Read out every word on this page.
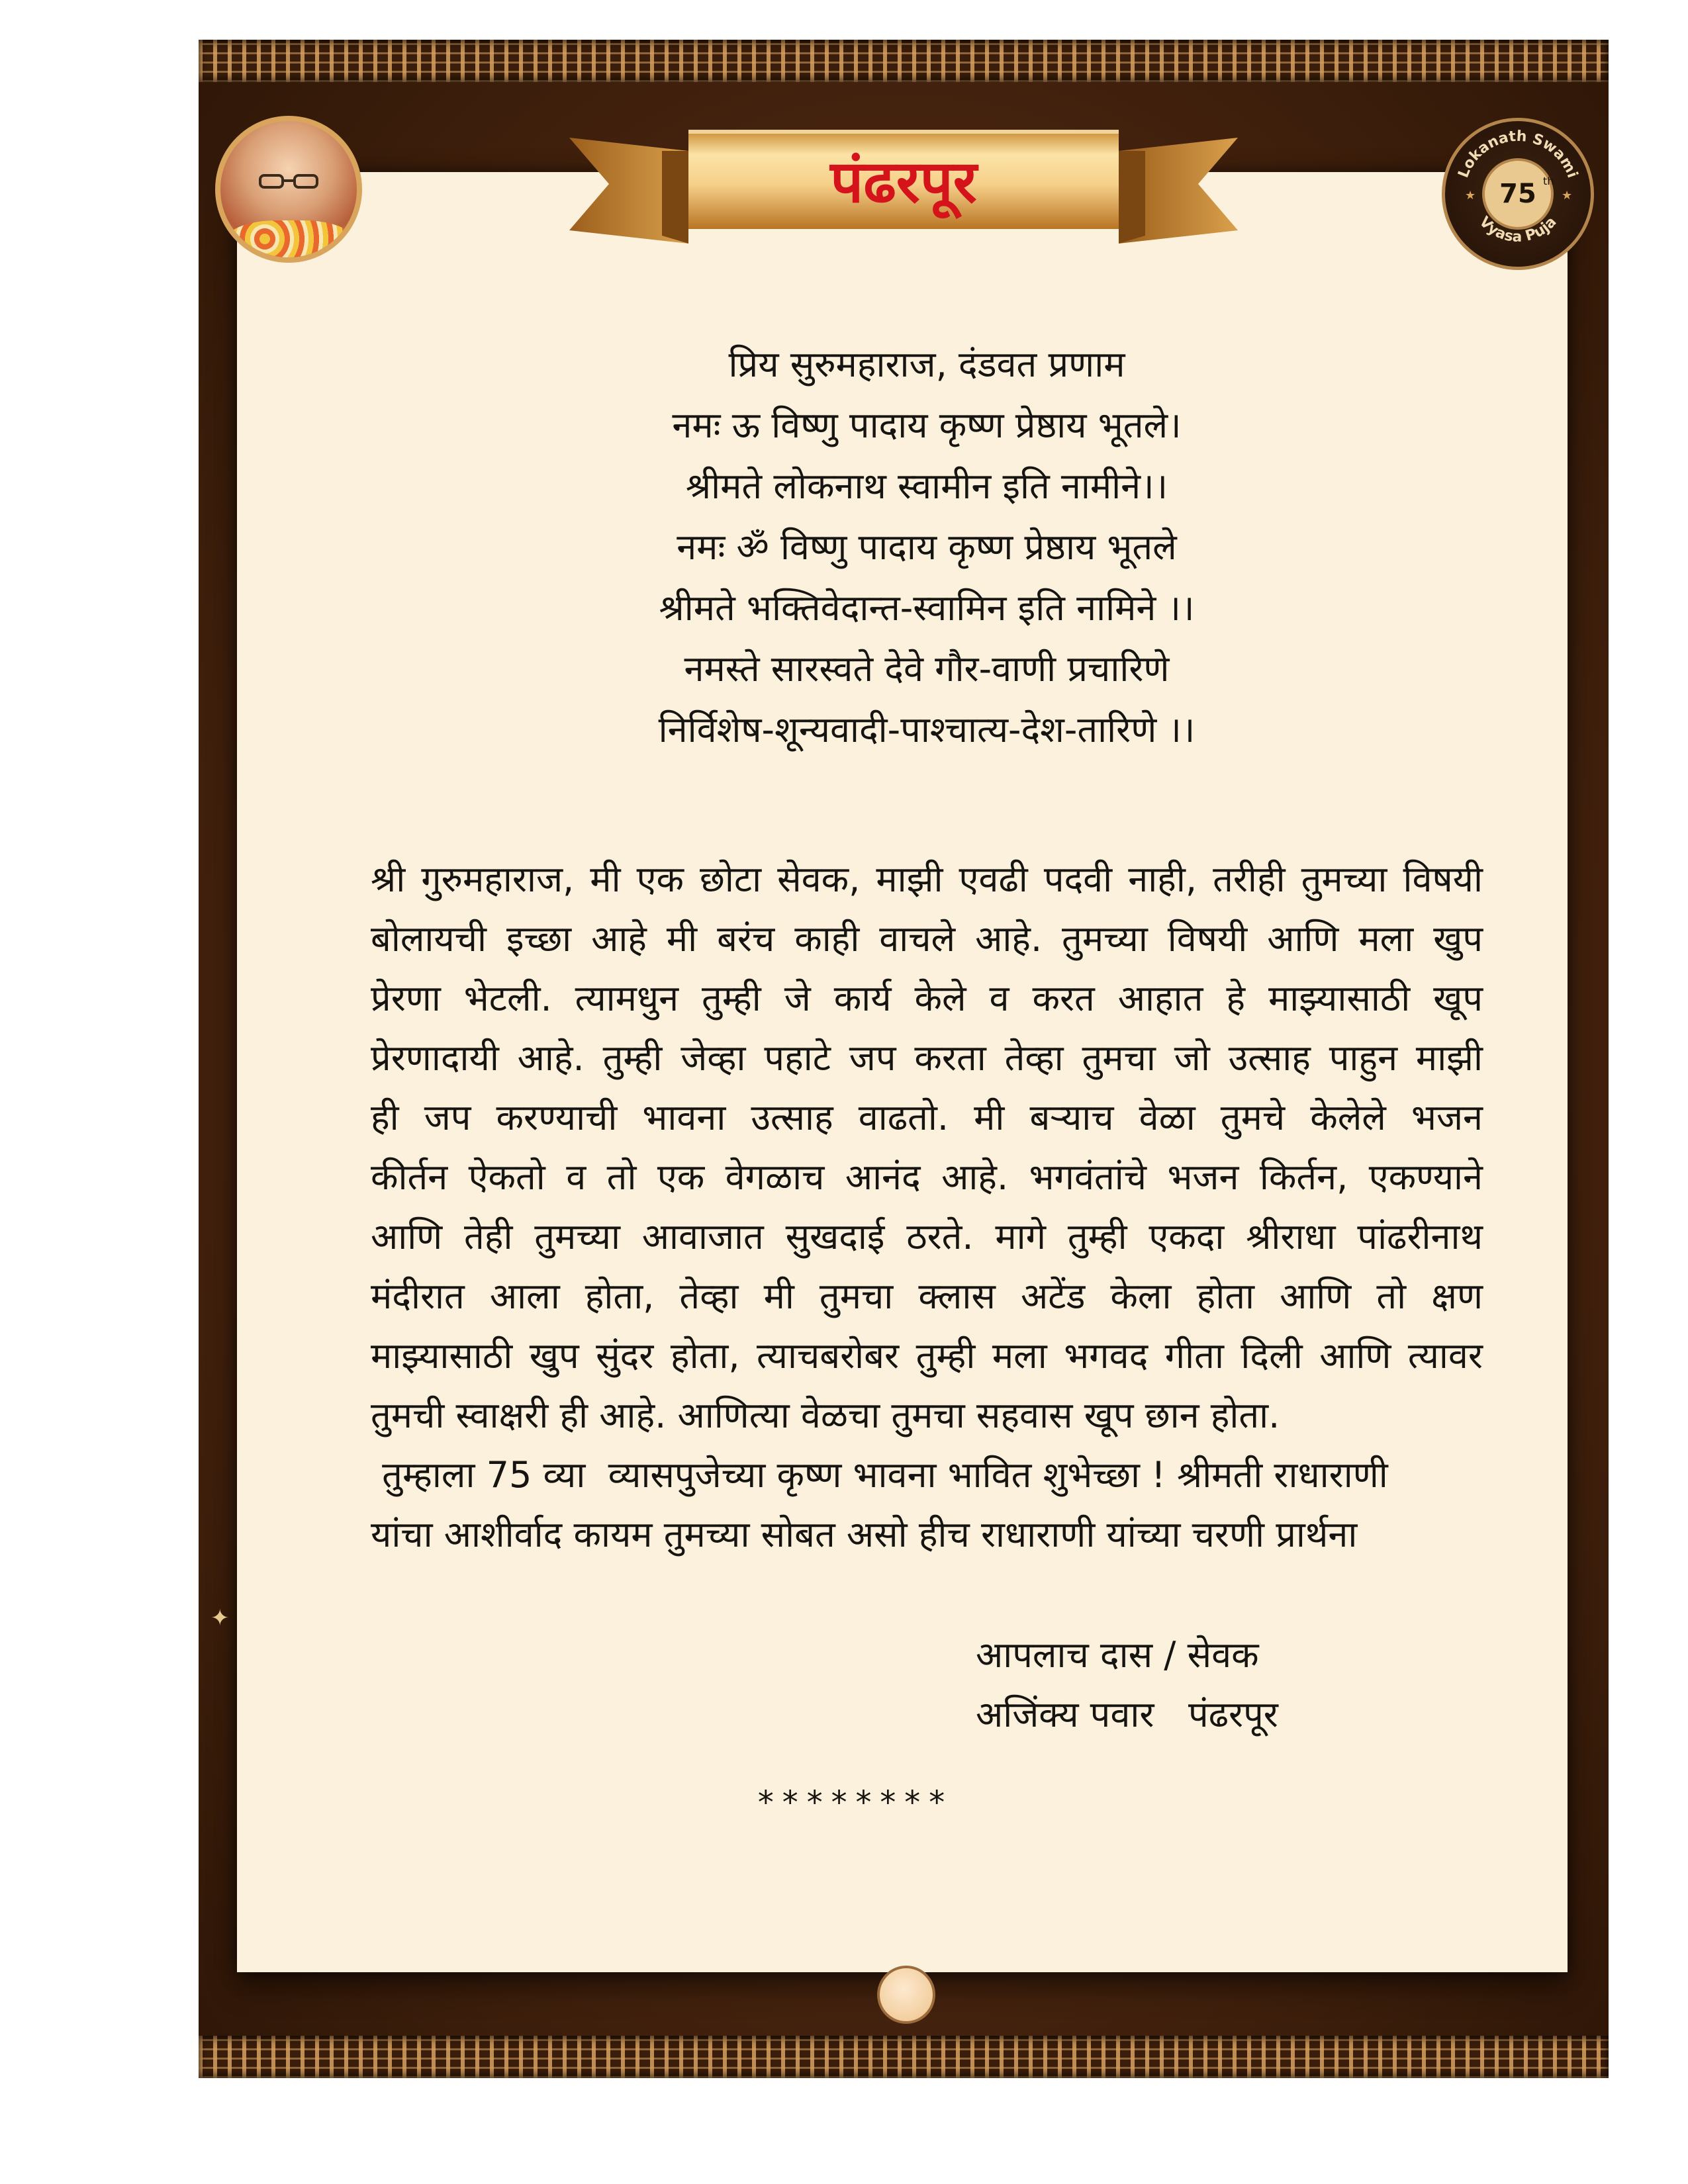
पंढरपूर	Lokanath Swami
Vyasa Puja
th
★	★
75
✦
प्रिय सुरुमहाराज, दंडवत प्रणाम
नमः ऊ विष्णु पादाय कृष्ण प्रेष्ठाय भूतले।
श्रीमते लोकनाथ स्वामीन इति नामीने।।
नमः ॐ विष्णु पादाय कृष्ण प्रेष्ठाय भूतले
श्रीमते भक्तिवेदान्त-स्वामिन इति नामिने ।।
नमस्ते सारस्वते देवे गौर-वाणी प्रचारिणे
निर्विशेष-शून्यवादी-पाश्चात्य-देश-तारिणे ।।
श्री गुरुमहाराज, मी एक छोटा सेवक, माझी एवढी पदवी नाही, तरीही तुमच्या विषयी
बोलायची इच्छा आहे मी बरंच काही वाचले आहे. तुमच्या विषयी आणि मला खुप
प्रेरणा भेटली. त्यामधुन तुम्ही जे कार्य केले व करत आहात हे माझ्यासाठी खूप
प्रेरणादायी आहे. तुम्ही जेव्हा पहाटे जप करता तेव्हा तुमचा जो उत्साह पाहुन माझी
ही जप करण्याची भावना उत्साह वाढतो. मी बऱ्याच वेळा तुमचे केलेले भजन
कीर्तन ऐकतो व तो एक वेगळाच आनंद आहे. भगवंतांचे भजन किर्तन, एकण्याने
आणि तेही तुमच्या आवाजात सुखदाई ठरते. मागे तुम्ही एकदा श्रीराधा पांढरीनाथ
मंदीरात आला होता, तेव्हा मी तुमचा क्लास अटेंड केला होता आणि तो क्षण
माझ्यासाठी खुप सुंदर होता, त्याचबरोबर तुम्ही मला भगवद गीता दिली आणि त्यावर
तुमची स्वाक्षरी ही आहे. आणित्या वेळचा तुमचा सहवास खूप छान होता.
तुम्हाला 75 व्या  व्यासपुजेच्या कृष्ण भावना भावित शुभेच्छा ! श्रीमती राधाराणी
यांचा आशीर्वाद कायम तुमच्या सोबत असो हीच राधाराणी यांच्या चरणी प्रार्थना
आपलाच दास / सेवक
अजिंक्य पवार   पंढरपूर
********
